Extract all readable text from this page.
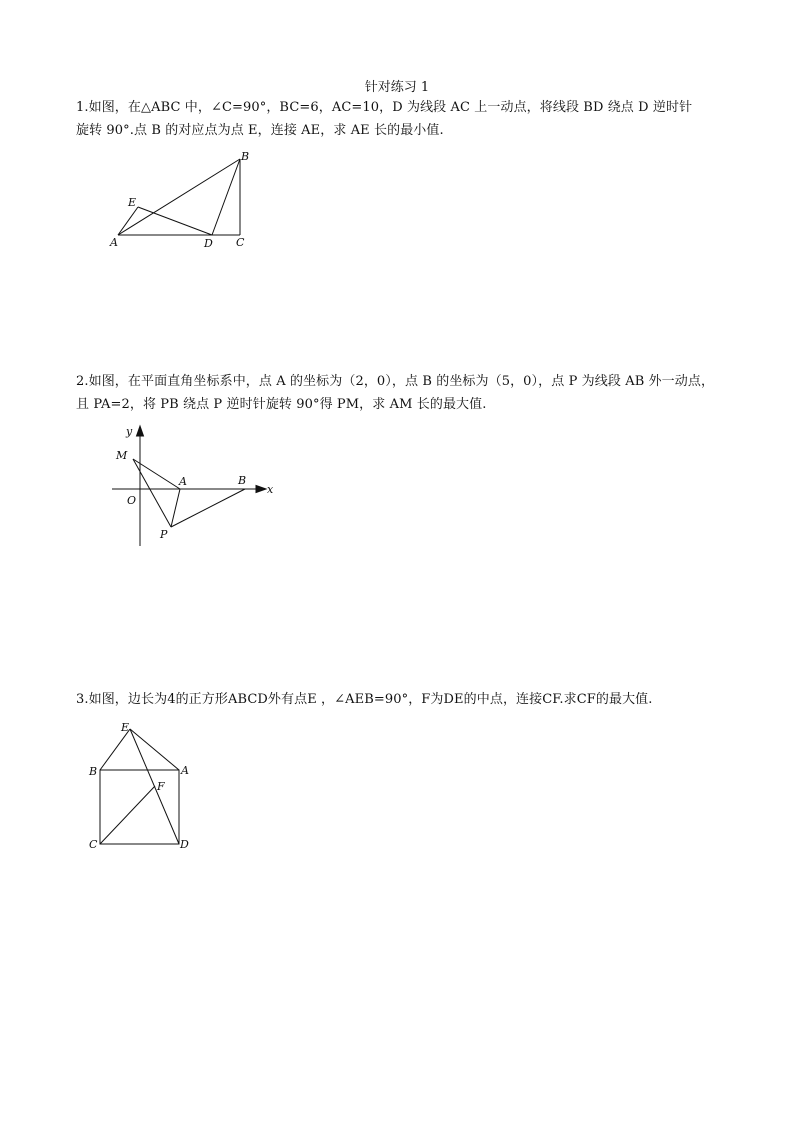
针对练习 1
1.如图，在△ABC 中，∠C=90°，BC=6，AC=10，D 为线段 AC 上一动点，将线段 BD 绕点 D 逆时针
旋转 90°.点 B 的对应点为点 E，连接 AE，求 AE 长的最小值.
A
B
C
D
E
2.如图，在平面直角坐标系中，点 A 的坐标为（2，0），点 B 的坐标为（5，0），点 P 为线段 AB 外一动点，
且 PA=2，将 PB 绕点 P 逆时针旋转 90°得 PM，求 AM 长的最大值.
y
x
M
O
A	B
P
3.如图，边长为4的正方形ABCD外有点E ，∠AEB=90°，F为DE的中点，连接CF.求CF的最大值.
E
B	A
F
C	D
